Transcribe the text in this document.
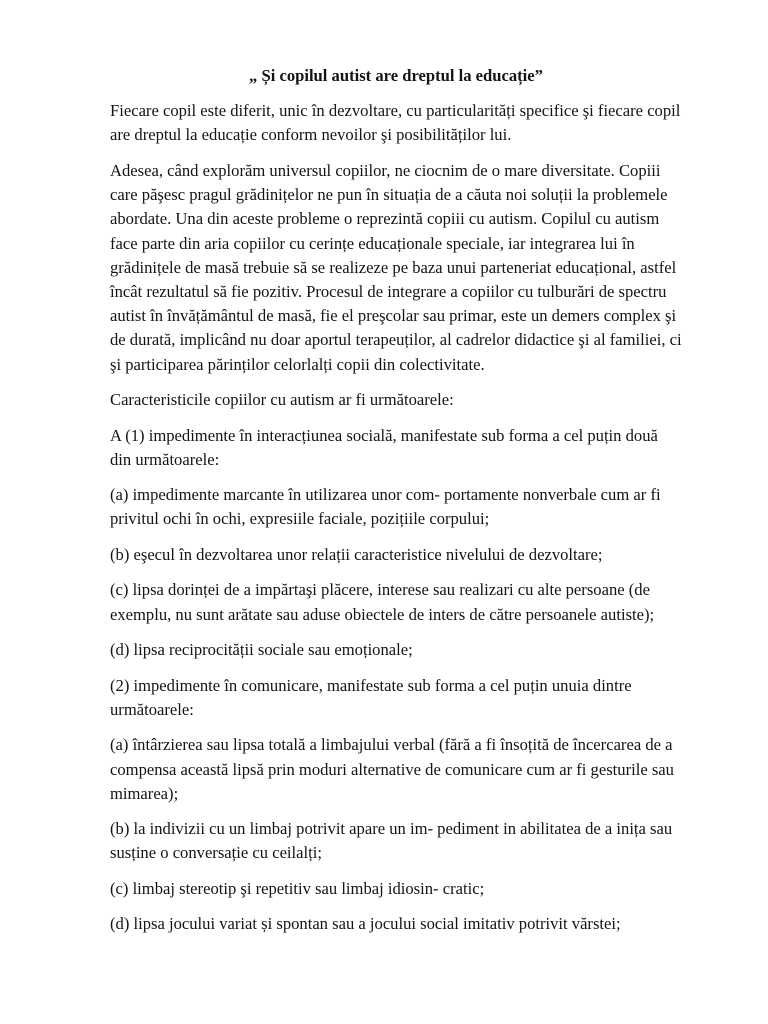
„ Și copilul autist are dreptul la educație”

Fiecare copil este diferit, unic în dezvoltare, cu particularități specifice şi fiecare copil are dreptul la educație conform nevoilor şi posibilităților lui.

Adesea, când explorăm universul copiilor, ne ciocnim de o mare diversitate. Copiii care păşesc pragul grădinițelor ne pun în situația de a căuta noi soluții la problemele abordate. Una din aceste probleme o reprezintă copiii cu autism. Copilul cu autism face parte din aria copiilor cu cerințe educaționale speciale, iar integrarea lui în grădinițele de masă trebuie să se realizeze pe baza unui parteneriat educațional, astfel încât rezultatul să fie pozitiv. Procesul de integrare a copiilor cu tulburări de spectru autist în învățământul de masă, fie el preşcolar sau primar, este un demers complex şi de durată, implicând nu doar aportul terapeuților, al cadrelor didactice şi al familiei, ci şi participarea părinților celorlalți copii din colectivitate.

Caracteristicile copiilor cu autism ar fi următoarele:

A (1) impedimente în interacțiunea socială, manifestate sub forma a cel puțin două din următoarele:

(a) impedimente marcante în utilizarea unor com- portamente nonverbale cum ar fi privitul ochi în ochi, expresiile faciale, pozițiile corpului;

(b) eşecul în dezvoltarea unor relații caracteristice nivelului de dezvoltare;

(c) lipsa dorinței de a impărtaşi plăcere, interese sau realizari cu alte persoane (de exemplu, nu sunt arătate sau aduse obiectele de inters de către persoanele autiste);

(d) lipsa reciprocității sociale sau emoționale;

(2) impedimente în comunicare, manifestate sub forma a cel puțin unuia dintre următoarele:

(a) întârzierea sau lipsa totală a limbajului verbal (fără a fi însoțită de încercarea de a compensa această lipsă prin moduri alternative de comunicare cum ar fi gesturile sau mimarea);

(b) la indivizii cu un limbaj potrivit apare un im- pediment in abilitatea de a inița sau susține o conversație cu ceilalți;

(c) limbaj stereotip şi repetitiv sau limbaj idiosin- cratic;

(d) lipsa jocului variat și spontan sau a jocului social imitativ potrivit vărstei;
